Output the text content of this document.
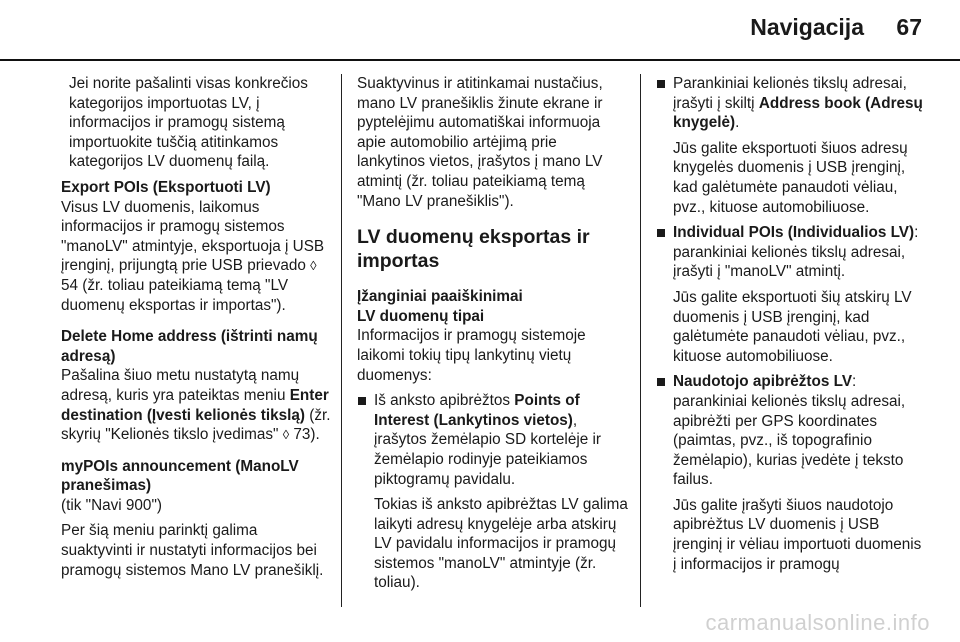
Navigacija 67

Jei norite pašalinti visas konkrečios kategorijos importuotas LV, į informacijos ir pramogų sistemą importuokite tuščią atitinkamos kategorijos LV duomenų failą.

Export POIs (Eksportuoti LV)

Visus LV duomenis, laikomus informacijos ir pramogų sistemos "manoLV" atmintyje, eksportuoja į USB įrenginį, prijungtą prie USB prievado ◊ 54 (žr. toliau pateikiamą temą "LV duomenų eksportas ir importas").

Delete Home address (ištrinti namų adresą)

Pašalina šiuo metu nustatytą namų adresą, kuris yra pateiktas meniu Enter destination (Įvesti kelionės tikslą) (žr. skyrių "Kelionės tikslo įvedimas" ◊ 73).

myPOIs announcement (ManoLV pranešimas)

(tik "Navi 900")

Per šią meniu parinktį galima suaktyvinti ir nustatyti informacijos bei pramogų sistemos Mano LV pranešiklį.

Suaktyvinus ir atitinkamai nustačius, mano LV pranešiklis žinute ekrane ir pyptelėjimu automatiškai informuoja apie automobilio artėjimą prie lankytinos vietos, įrašytos į mano LV atmintį (žr. toliau pateikiamą temą "Mano LV pranešiklis").

LV duomenų eksportas ir importas

Įžanginiai paaiškinimai

LV duomenų tipai

Informacijos ir pramogų sistemoje laikomi tokių tipų lankytinų vietų duomenys:

Iš anksto apibrėžtos Points of Interest (Lankytinos vietos), įrašytos žemėlapio SD kortelėje ir žemėlapio rodinyje pateikiamos piktogramų pavidalu.

Tokias iš anksto apibrėžtas LV galima laikyti adresų knygelėje arba atskirų LV pavidalu informacijos ir pramogų sistemos "manoLV" atmintyje (žr. toliau).

Parankiniai kelionės tikslų adresai, įrašyti į skiltį Address book (Adresų knygelė).

Jūs galite eksportuoti šiuos adresų knygelės duomenis į USB įrenginį, kad galėtumėte panaudoti vėliau, pvz., kituose automobiliuose.

Individual POIs (Individualios LV): parankiniai kelionės tikslų adresai, įrašyti į "manoLV" atmintį.

Jūs galite eksportuoti šių atskirų LV duomenis į USB įrenginį, kad galėtumėte panaudoti vėliau, pvz., kituose automobiliuose.

Naudotojo apibrėžtos LV: parankiniai kelionės tikslų adresai, apibrėžti per GPS koordinates (paimtas, pvz., iš topografinio žemėlapio), kurias įvedėte į teksto failus.

Jūs galite įrašyti šiuos naudotojo apibrėžtus LV duomenis į USB įrenginį ir vėliau importuoti duomenis į informacijos ir pramogų

carmanualsonline.info
